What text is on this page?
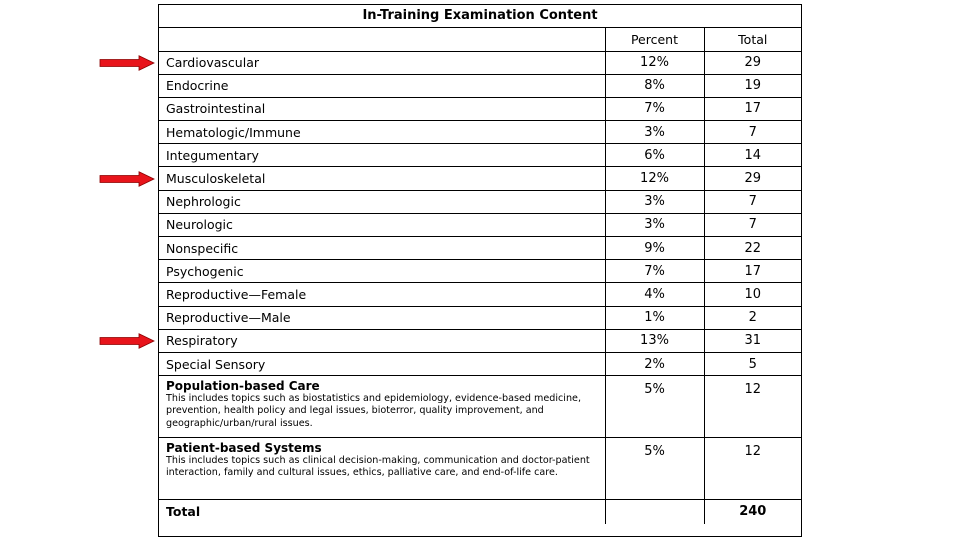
In-Training Examination Content		
	Percent	Total
Cardiovascular	12%	29
Endocrine	8%	19
Gastrointestinal	7%	17
Hematologic/Immune	3%	7
Integumentary	6%	14
Musculoskeletal	12%	29
Nephrologic	3%	7
Neurologic	3%	7
Nonspecific	9%	22
Psychogenic	7%	17
Reproductive—Female	4%	10
Reproductive—Male	1%	2
Respiratory	13%	31
Special Sensory	2%	5

Population-based Care
This includes topics such as biostatistics and epidemiology, evidence-based medicine, prevention, health policy and legal issues, bioterror, quality improvement, and geographic/urban/rural issues.	5%	12

Patient-based Systems
This includes topics such as clinical decision-making, communication and doctor-patient interaction, family and cultural issues, ethics, palliative care, and end-of-life care.	5%	12
Total		240
